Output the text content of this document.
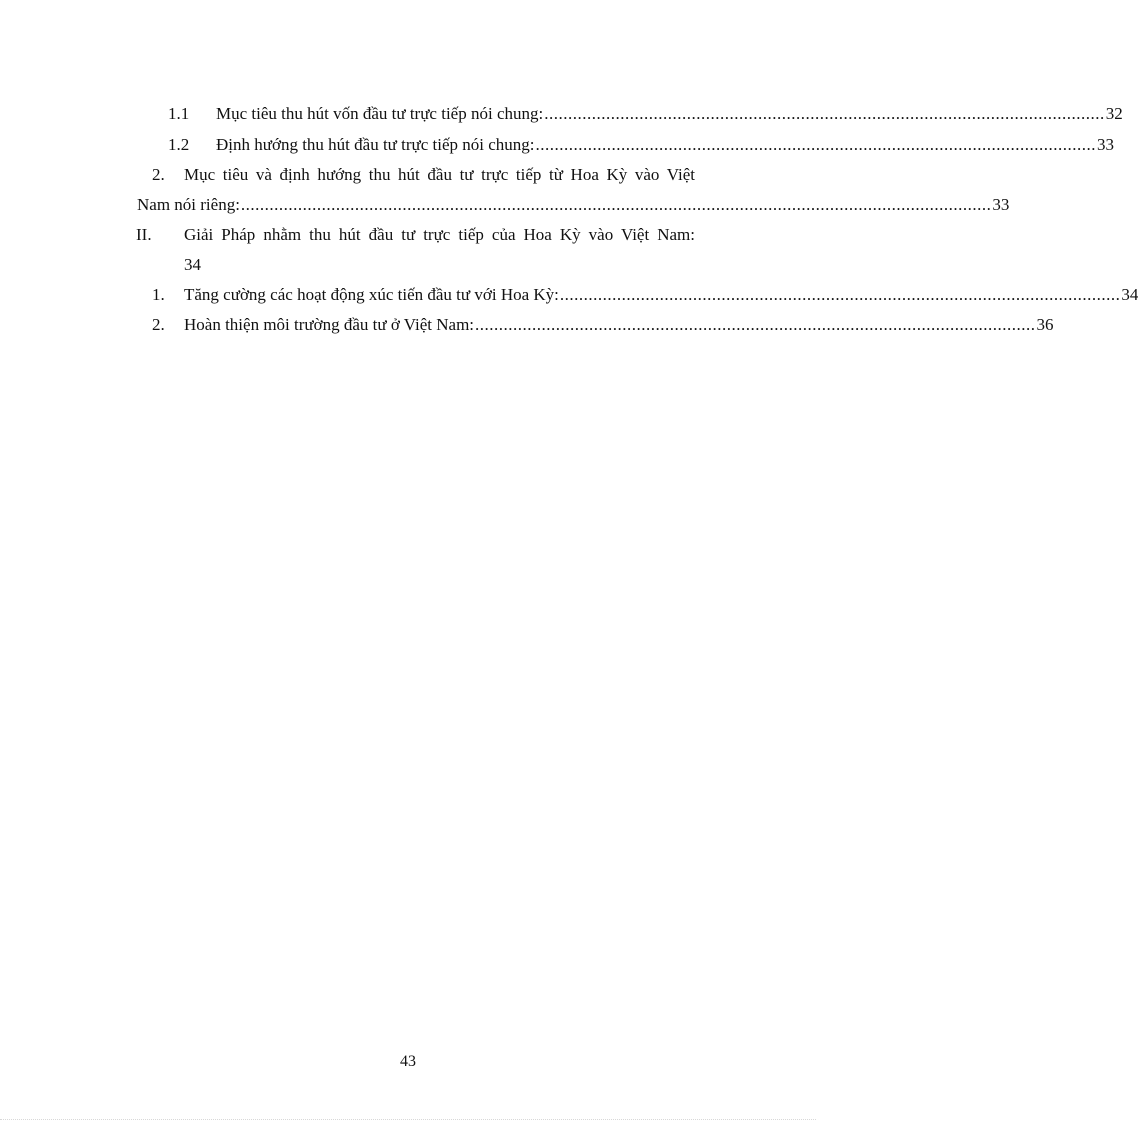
1.1 Mục tiêu thu hút vốn đầu tư trực tiếp nói chung: ...................................................................................................................... 32
1.2 Định hướng thu hút đầu tư trực tiếp nói chung: ...................................................................................................................... 33
2. Mục tiêu và định hướng thu hút đầu tư trực tiếp từ Hoa Kỳ vào Việt
Nam nói riêng: .............................................................................................................................................................. 33
II. Giải Pháp nhằm thu hút đầu tư trực tiếp của Hoa Kỳ vào Việt Nam:
34
1. Tăng cường các hoạt động xúc tiến đầu tư với Hoa Kỳ: ...................................................................................................................... 34
2. Hoàn thiện môi trường đầu tư ở Việt Nam: ...................................................................................................................... 36
43
